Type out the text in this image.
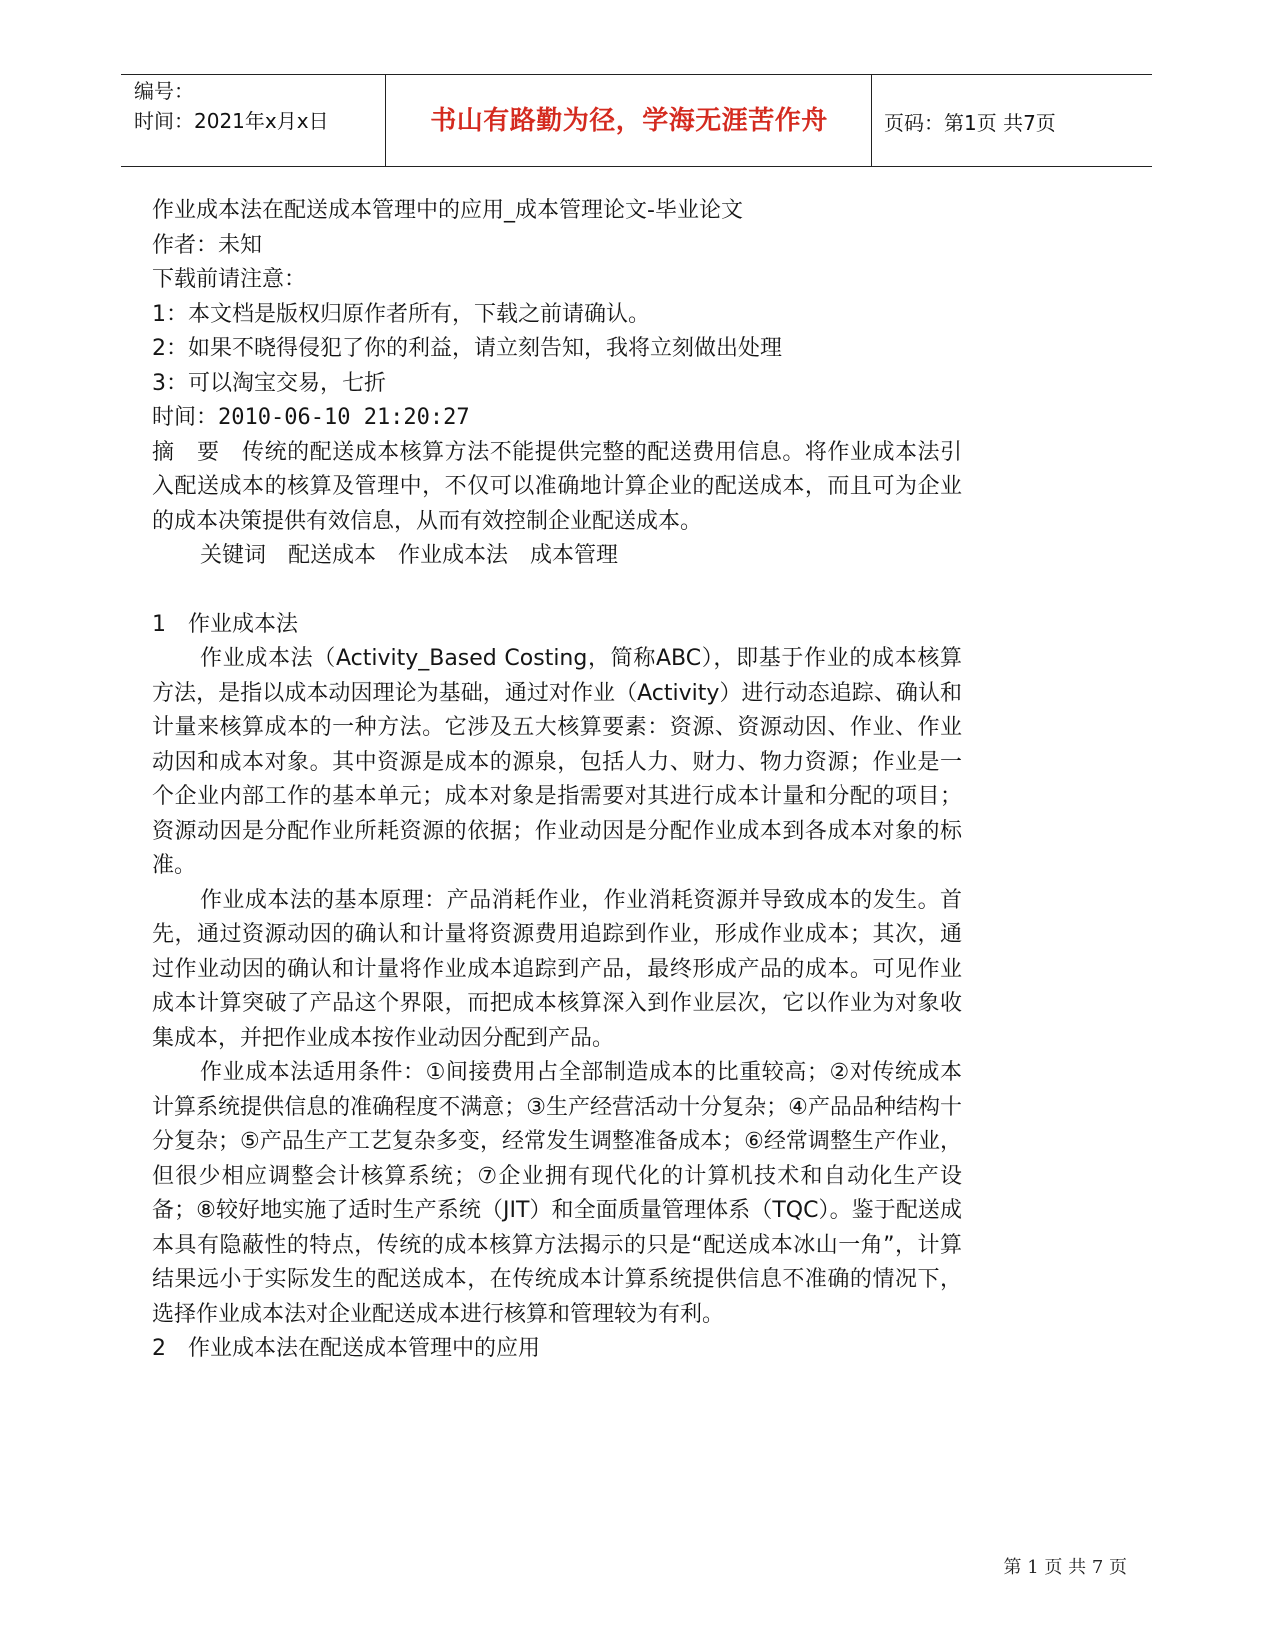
编号：
时间：2021年x月x日	书山有路勤为径，学海无涯苦作舟	页码：第1页 共7页

作业成本法在配送成本管理中的应用_成本管理论文-毕业论文

作者：未知

下载前请注意：

1：本文档是版权归原作者所有，下载之前请确认。

2：如果不晓得侵犯了你的利益，请立刻告知，我将立刻做出处理

3：可以淘宝交易，七折

时间：2010-06-10 21:20:27

摘　要　传统的配送成本核算方法不能提供完整的配送费用信息。将作业成本法引入配送成本的核算及管理中，不仅可以准确地计算企业的配送成本，而且可为企业的成本决策提供有效信息，从而有效控制企业配送成本。

关键词　配送成本　作业成本法　成本管理

1　作业成本法

作业成本法（Activity_Based Costing，简称ABC），即基于作业的成本核算方法，是指以成本动因理论为基础，通过对作业（Activity）进行动态追踪、确认和计量来核算成本的一种方法。它涉及五大核算要素：资源、资源动因、作业、作业动因和成本对象。其中资源是成本的源泉，包括人力、财力、物力资源；作业是一个企业内部工作的基本单元；成本对象是指需要对其进行成本计量和分配的项目；资源动因是分配作业所耗资源的依据；作业动因是分配作业成本到各成本对象的标准。

作业成本法的基本原理：产品消耗作业，作业消耗资源并导致成本的发生。首先，通过资源动因的确认和计量将资源费用追踪到作业，形成作业成本；其次，通过作业动因的确认和计量将作业成本追踪到产品，最终形成产品的成本。可见作业成本计算突破了产品这个界限，而把成本核算深入到作业层次，它以作业为对象收集成本，并把作业成本按作业动因分配到产品。

作业成本法适用条件：①间接费用占全部制造成本的比重较高；②对传统成本计算系统提供信息的准确程度不满意；③生产经营活动十分复杂；④产品品种结构十分复杂；⑤产品生产工艺复杂多变，经常发生调整准备成本；⑥经常调整生产作业，但很少相应调整会计核算系统；⑦企业拥有现代化的计算机技术和自动化生产设备；⑧较好地实施了适时生产系统（JIT）和全面质量管理体系（TQC）。鉴于配送成本具有隐蔽性的特点，传统的成本核算方法揭示的只是“配送成本冰山一角”，计算结果远小于实际发生的配送成本，在传统成本计算系统提供信息不准确的情况下，选择作业成本法对企业配送成本进行核算和管理较为有利。

2　作业成本法在配送成本管理中的应用

第 1 页 共 7 页
